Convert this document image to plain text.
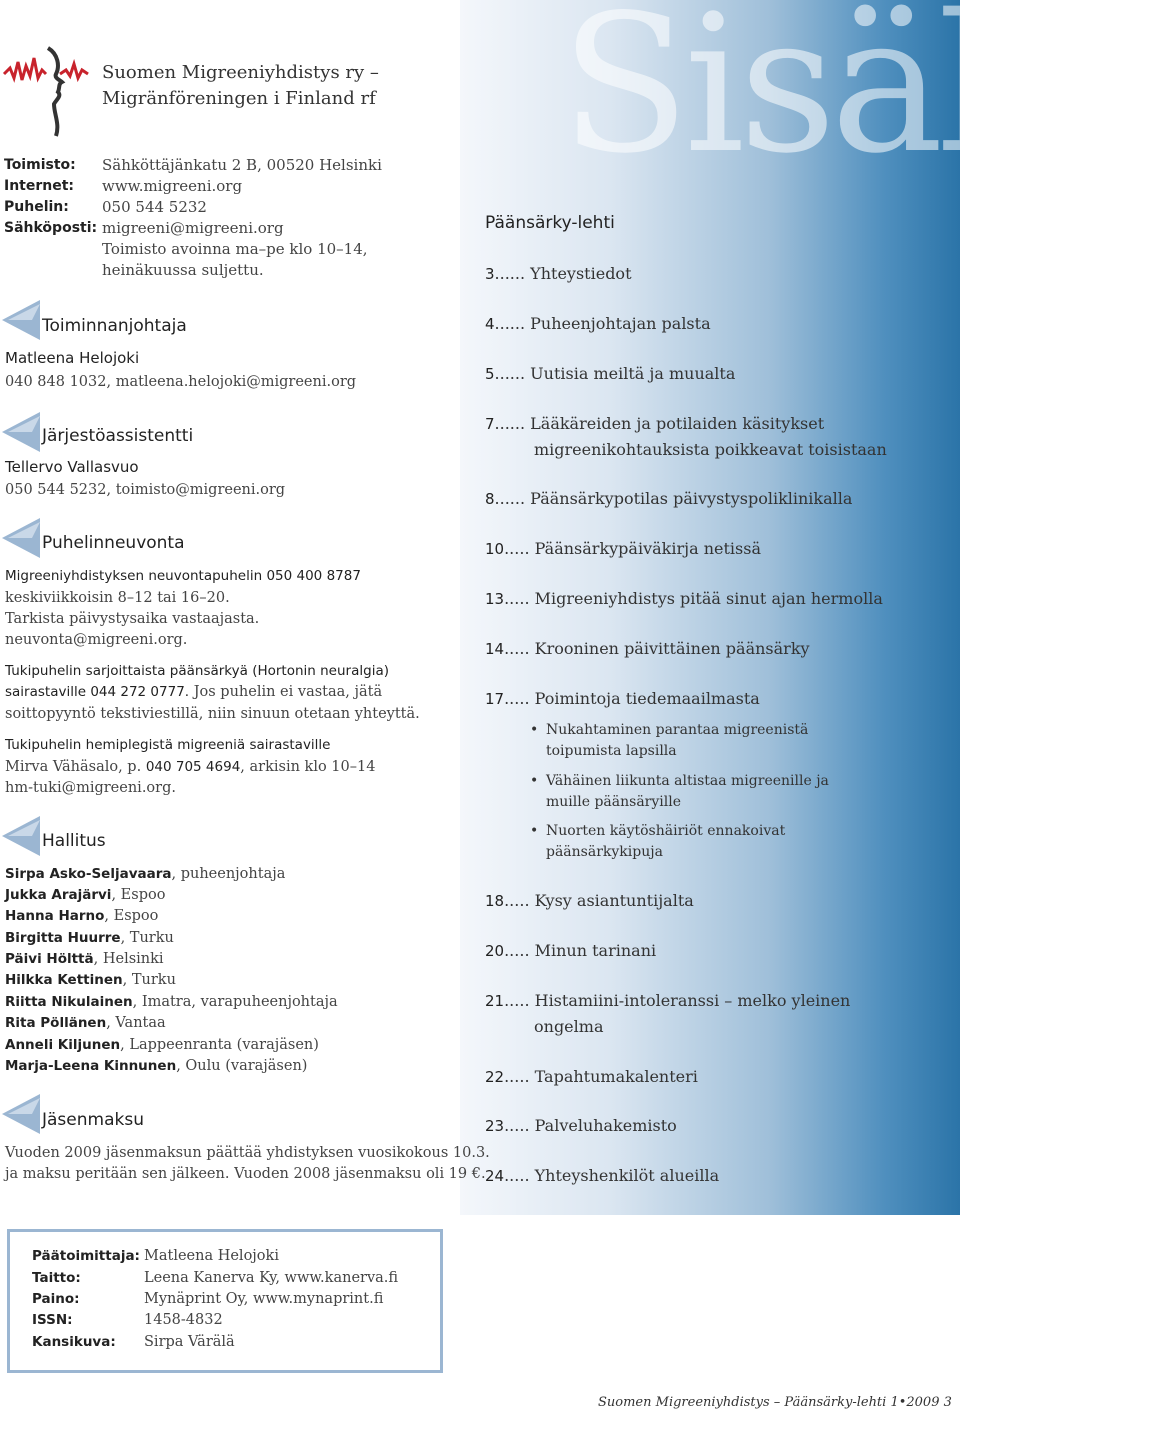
Sisältö
Suomen Migreeniyhdistys ry –
Migränföreningen i Finland rf
Toimisto:	Sähköttäjänkatu 2 B, 00520 Helsinki
Internet:	www.migreeni.org
Puhelin:	050 544 5232
Sähköposti: migreeni@migreeni.org
Toimisto avoinna ma–pe klo 10–14,
heinäkuussa suljettu.
Toiminnanjohtaja
Matleena Helojoki
040 848 1032, matleena.helojoki@migreeni.org
Järjestöassistentti
Tellervo Vallasvuo
050 544 5232, toimisto@migreeni.org
Puhelinneuvonta
Migreeniyhdistyksen neuvontapuhelin 050 400 8787
keskiviikkoisin 8–12 tai 16–20.
Tarkista päivystysaika vastaajasta.
neuvonta@migreeni.org.
Tukipuhelin sarjoittaista päänsärkyä (Hortonin neuralgia)
sairastaville 044 272 0777. Jos puhelin ei vastaa, jätä
soittopyyntö tekstiviestillä, niin sinuun otetaan yhteyttä.
Tukipuhelin hemiplegistä migreeniä sairastaville
Mirva Vähäsalo, p. 040 705 4694, arkisin klo 10–14
hm-tuki@migreeni.org.
Hallitus
Sirpa Asko-Seljavaara, puheenjohtaja
Jukka Arajärvi, Espoo
Hanna Harno, Espoo
Birgitta Huurre, Turku
Päivi Hölttä, Helsinki
Hilkka Kettinen, Turku
Riitta Nikulainen, Imatra, varapuheenjohtaja
Rita Pöllänen, Vantaa
Anneli Kiljunen, Lappeenranta (varajäsen)
Marja-Leena Kinnunen, Oulu (varajäsen)
Jäsenmaksu
Vuoden 2009 jäsenmaksun päättää yhdistyksen vuosikokous 10.3.
ja maksu peritään sen jälkeen. Vuoden 2008 jäsenmaksu oli 19 €.
Päänsärky-lehti
3...... Yhteystiedot
4...... Puheenjohtajan palsta
5...... Uutisia meiltä ja muualta
7...... Lääkäreiden ja potilaiden käsitykset
migreenikohtauksista poikkeavat toisistaan
8...... Päänsärkypotilas päivystyspoliklinikalla
10..... Päänsärkypäiväkirja netissä
13..... Migreeniyhdistys pitää sinut ajan hermolla
14..... Krooninen päivittäinen päänsärky
17..... Poimintoja tiedemaailmasta
• Nukahtaminen parantaa migreenistä
toipumista lapsilla
• Vähäinen liikunta altistaa migreenille ja
muille päänsäryille
• Nuorten käytöshäiriöt ennakoivat
päänsärkykipuja
18..... Kysy asiantuntijalta
20..... Minun tarinani
21..... Histamiini-intoleranssi – melko yleinen
ongelma
22..... Tapahtumakalenteri
23..... Palveluhakemisto
24..... Yhteyshenkilöt alueilla
Päätoimittaja: Matleena Helojoki
Taitto:	Leena Kanerva Ky, www.kanerva.fi
Paino:	Mynäprint Oy, www.mynaprint.fi
ISSN:	1458-4832
Kansikuva: Sirpa Värälä
Suomen Migreeniyhdistys – Päänsärky-lehti 1•2009 3
